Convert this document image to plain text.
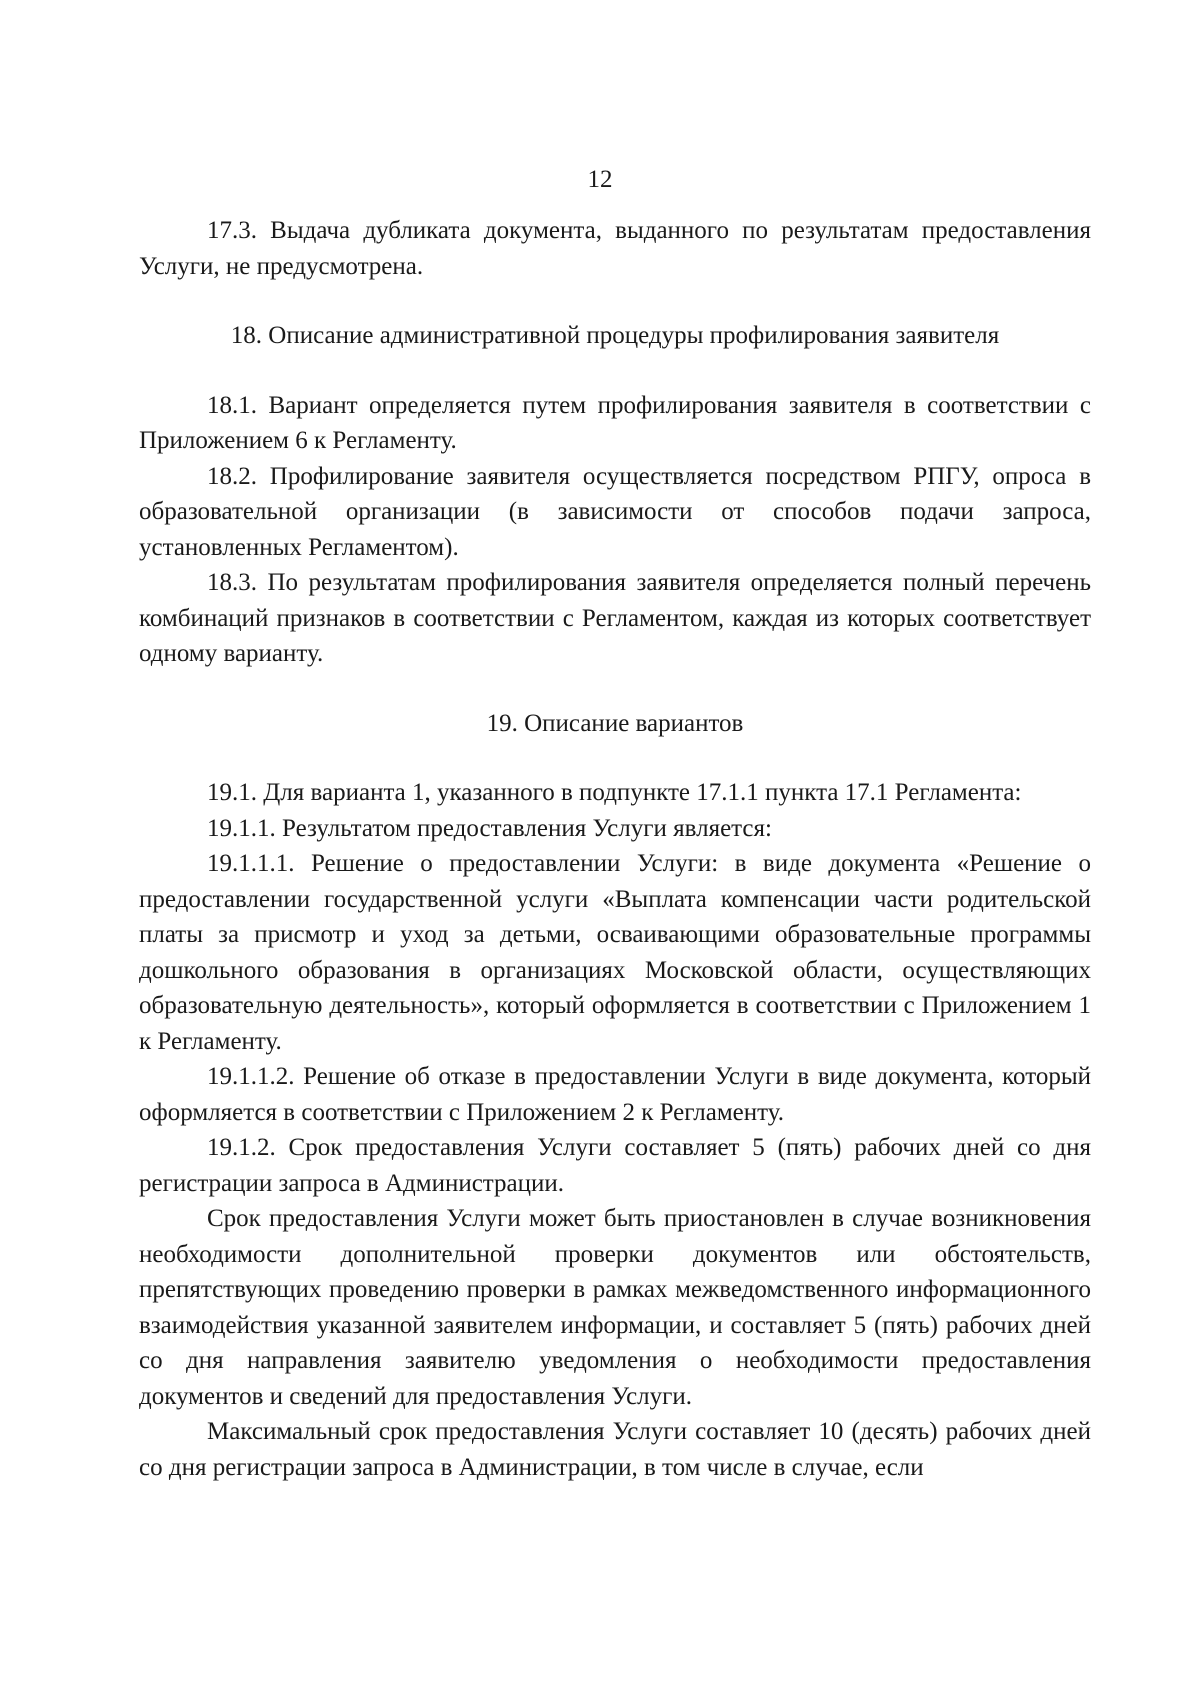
12

17.3. Выдача дубликата документа, выданного по результатам предоставления Услуги, не предусмотрена.

18. Описание административной процедуры профилирования заявителя

18.1. Вариант определяется путем профилирования заявителя в соответствии с Приложением 6 к Регламенту.

18.2. Профилирование заявителя осуществляется посредством РПГУ, опроса в образовательной организации (в зависимости от способов подачи запроса, установленных Регламентом).

18.3. По результатам профилирования заявителя определяется полный перечень комбинаций признаков в соответствии с Регламентом, каждая из которых соответствует одному варианту.

19. Описание вариантов

19.1. Для варианта 1, указанного в подпункте 17.1.1 пункта 17.1 Регламента:

19.1.1. Результатом предоставления Услуги является:

19.1.1.1. Решение о предоставлении Услуги: в виде документа «Решение о предоставлении государственной услуги «Выплата компенсации части родительской платы за присмотр и уход за детьми, осваивающими образовательные программы дошкольного образования в организациях Московской области, осуществляющих образовательную деятельность», который оформляется в соответствии с Приложением 1 к Регламенту.

19.1.1.2. Решение об отказе в предоставлении Услуги в виде документа, который оформляется в соответствии с Приложением 2 к Регламенту.

19.1.2. Срок предоставления Услуги составляет 5 (пять) рабочих дней со дня регистрации запроса в Администрации.

Срок предоставления Услуги может быть приостановлен в случае возникновения необходимости дополнительной проверки документов или обстоятельств, препятствующих проведению проверки в рамках межведомственного информационного взаимодействия указанной заявителем информации, и составляет 5 (пять) рабочих дней со дня направления заявителю уведомления о необходимости предоставления документов и сведений для предоставления Услуги.

Максимальный срок предоставления Услуги составляет 10 (десять) рабочих дней со дня регистрации запроса в Администрации, в том числе в случае, если
